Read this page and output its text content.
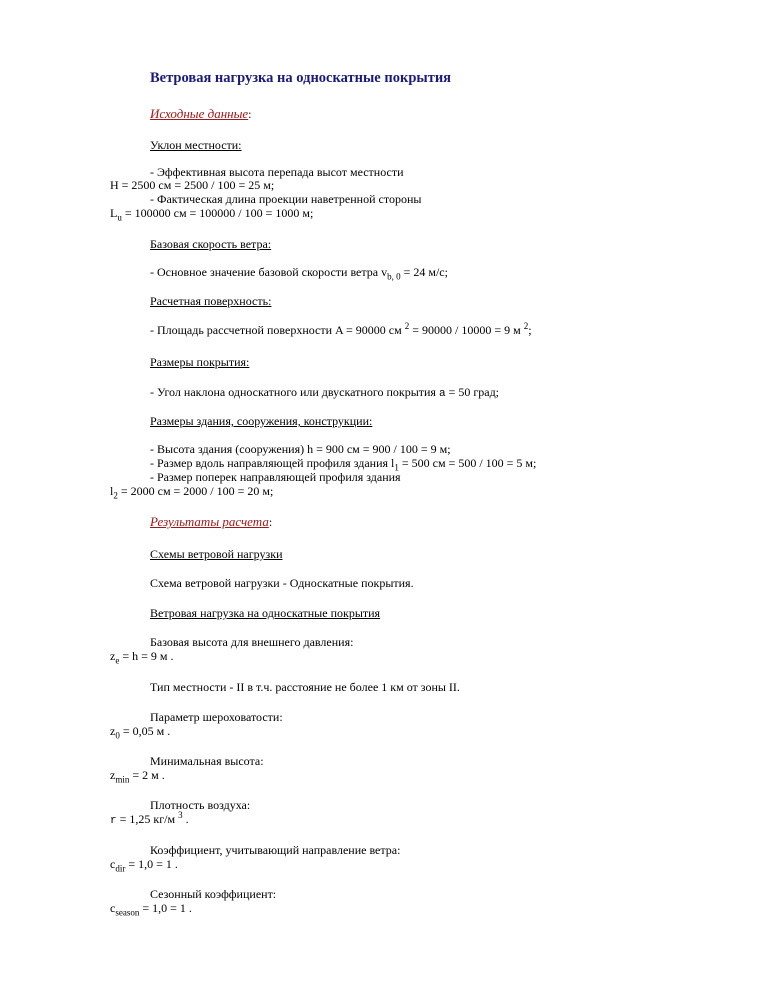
Ветровая нагрузка на односкатные покрытия
Исходные данные:
Уклон местности:
- Эффективная высота перепада высот местности
H = 2500 см = 2500 / 100 = 25 м;
- Фактическая длина проекции наветренной стороны
$L_u = 100000$ см = 100000 / 100 = 1000 м;
Базовая скорость ветра:
- Основное значение базовой скорости ветра $v_{b, 0} = 24$ м/с;
Расчетная поверхность:
- Площадь рассчетной поверхности A = 90000 см $^2$ = 90000 / 10000 = 9 м $^2$;
Размеры покрытия:
- Угол наклона односкатного или двускатного покрытия a = 50 град;
Размеры здания, сооружения, конструкции:
- Высота здания (сооружения) h = 900 см = 900 / 100 = 9 м;
- Размер вдоль направляющей профиля здания $l_1 = 500$ см = 500 / 100 = 5 м;
- Размер поперек направляющей профиля здания
$l_2 = 2000$ см = 2000 / 100 = 20 м;
Результаты расчета:
Схемы ветровой нагрузки
Схема ветровой нагрузки - Односкатные покрытия.
Ветровая нагрузка на односкатные покрытия
Базовая высота для внешнего давления:
$z_e = h = 9$ м .
Тип местности - II в т.ч. расстояние не более 1 км от зоны II.
Параметр шероховатости:
$z_0 = 0,05$ м .
Минимальная высота:
$z_{min} = 2$ м .
Плотность воздуха:
r = 1,25 кг/м $^3$ .
Коэффициент, учитывающий направление ветра:
$c_{dir} = 1,0 = 1$ .
Сезонный коэффициент:
$c_{season} = 1,0 = 1$ .
